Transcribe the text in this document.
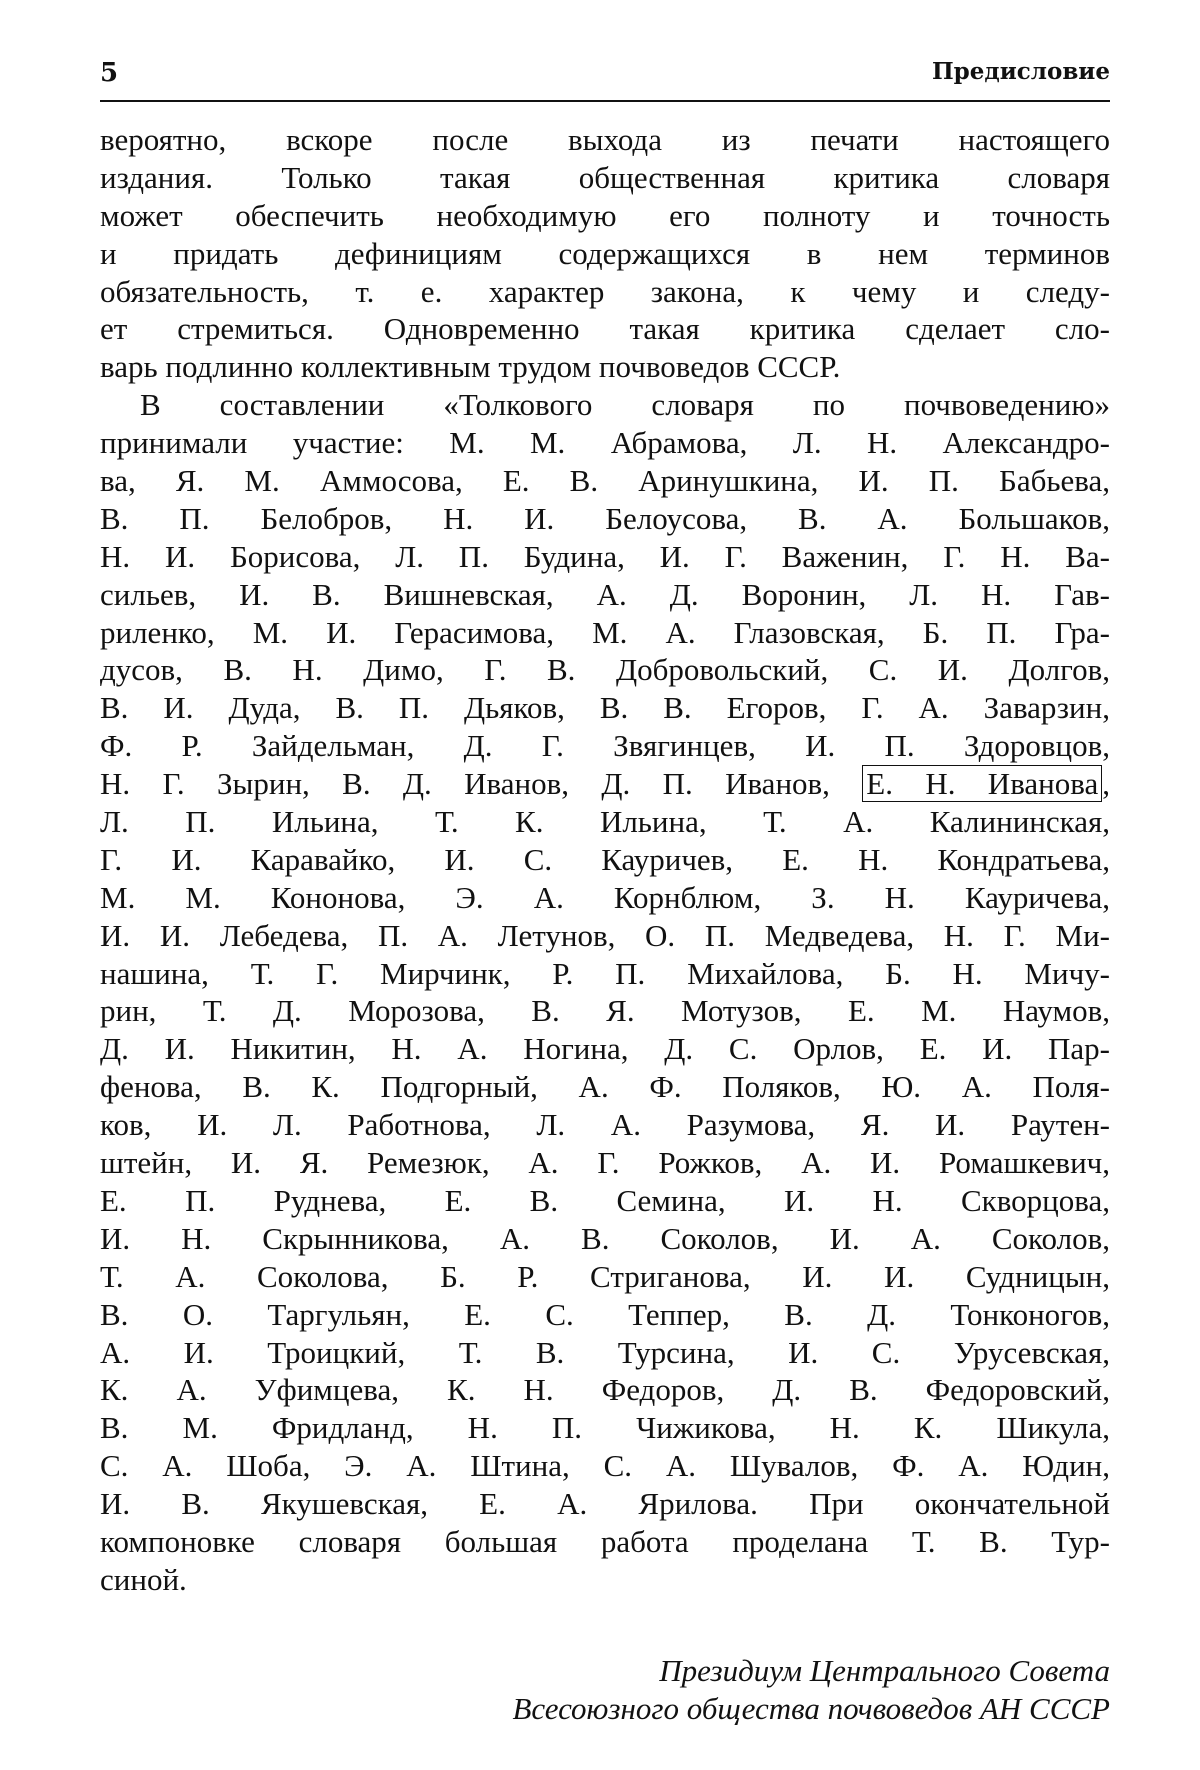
5	Предисловие
вероятно, вскоре после выхода из печати настоящего
издания. Только такая общественная критика словаря
может обеспечить необходимую его полноту и точность
и придать дефинициям содержащихся в нем терминов
обязательность, т. е. характер закона, к чему и следу-
ет стремиться. Одновременно такая критика сделает сло-
варь подлинно коллективным трудом почвоведов СССР.
В составлении «Толкового словаря по почвоведению»
принимали участие: М. М. Абрамова, Л. Н. Александро-
ва, Я. М. Аммосова, Е. В. Аринушкина, И. П. Бабьева,
В. П. Белобров, Н. И. Белоусова, В. А. Большаков,
Н. И. Борисова, Л. П. Будина, И. Г. Важенин, Г. Н. Ва-
сильев, И. В. Вишневская, А. Д. Воронин, Л. Н. Гав-
риленко, М. И. Герасимова, М. А. Глазовская, Б. П. Гра-
дусов, В. Н. Димо, Г. В. Добровольский, С. И. Долгов,
В. И. Дуда, В. П. Дьяков, В. В. Егоров, Г. А. Заварзин,
Ф. Р. Зайдельман, Д. Г. Звягинцев, И. П. Здоровцов,
Н. Г. Зырин, В. Д. Иванов, Д. П. Иванов, Е. Н. Иванова ,
Л. П. Ильина, Т. К. Ильина, Т. А. Калининская,
Г. И. Каравайко, И. С. Кауричев, Е. Н. Кондратьева,
М. М. Кононова, Э. А. Корнблюм, З. Н. Кауричева,
И. И. Лебедева, П. А. Летунов, О. П. Медведева, Н. Г. Ми-
нашина, Т. Г. Мирчинк, Р. П. Михайлова, Б. Н. Мичу-
рин, Т. Д. Морозова, В. Я. Мотузов, Е. М. Наумов,
Д. И. Никитин, Н. А. Ногина, Д. С. Орлов, Е. И. Пар-
фенова, В. К. Подгорный, А. Ф. Поляков, Ю. А. Поля-
ков, И. Л. Работнова, Л. А. Разумова, Я. И. Раутен-
штейн, И. Я. Ремезюк, А. Г. Рожков, А. И. Ромашкевич,
Е. П. Руднева, Е. В. Семина, И. Н. Скворцова,
И. Н. Скрынникова, А. В. Соколов, И. А. Соколов,
Т. А. Соколова, Б. Р. Стриганова, И. И. Судницын,
В. О. Таргульян, Е. С. Теппер, В. Д. Тонконогов,
А. И. Троицкий, Т. В. Турсина, И. С. Урусевская,
К. А. Уфимцева, К. Н. Федоров, Д. В. Федоровский,
В. М. Фридланд, Н. П. Чижикова, Н. К. Шикула,
С. А. Шоба, Э. А. Штина, С. А. Шувалов, Ф. А. Юдин,
И. В. Якушевская, Е. А. Ярилова. При окончательной
компоновке словаря большая работа проделана Т. В. Тур-
синой.
Президиум Центрального Совета
Всесоюзного общества почвоведов АН СССР
